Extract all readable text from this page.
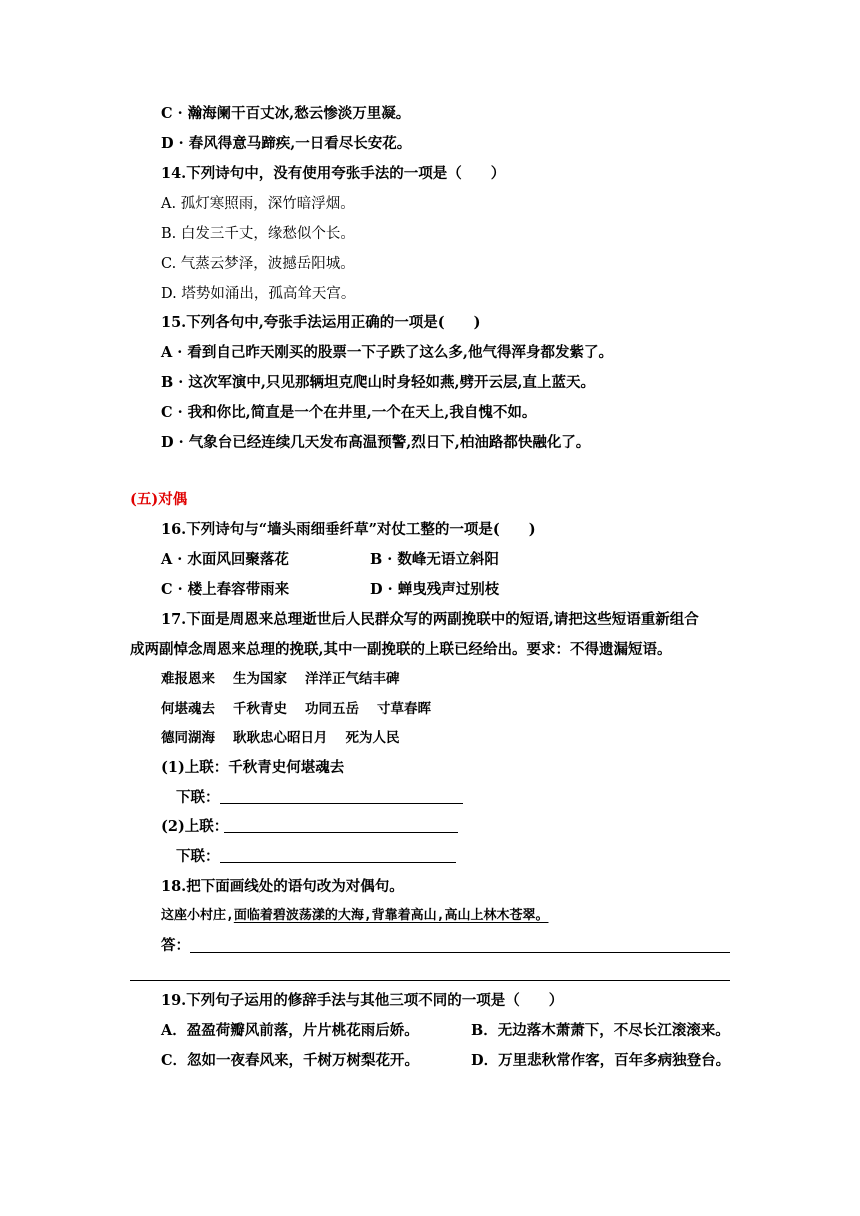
C · 瀚海阑干百丈冰,愁云惨淡万里凝。
D · 春风得意马蹄疾,一日看尽长安花。
14.下列诗句中，没有使用夸张手法的一项是（　　）
A. 孤灯寒照雨，深竹暗浮烟。
B. 白发三千丈，缘愁似个长。
C. 气蒸云梦泽，波撼岳阳城。
D. 塔势如涌出，孤高耸天宫。
15.下列各句中,夸张手法运用正确的一项是(　　)
A · 看到自己昨天刚买的股票一下子跌了这么多,他气得浑身都发紫了。
B · 这次军演中,只见那辆坦克爬山时身轻如燕,劈开云层,直上蓝天。
C · 我和你比,简直是一个在井里,一个在天上,我自愧不如。
D · 气象台已经连续几天发布高温预警,烈日下,柏油路都快融化了。
(五)对偶
16.下列诗句与“墙头雨细垂纤草”对仗工整的一项是(　　)
A · 水面风回聚落花	B · 数峰无语立斜阳
C · 楼上春容带雨来	D · 蝉曳残声过别枝
17.下面是周恩来总理逝世后人民群众写的两副挽联中的短语,请把这些短语重新组合
成两副悼念周恩来总理的挽联,其中一副挽联的上联已经给出。要求：不得遗漏短语。
难报恩来 生为国家 洋洋正气结丰碑
何堪魂去 千秋青史 功同五岳 寸草春晖
德同湖海 耿耿忠心昭日月 死为人民
(1)上联：千秋青史何堪魂去
下联：
(2)上联：
下联：
18.把下面画线处的语句改为对偶句。
这座小村庄,面临着碧波荡漾的大海,背靠着高山,高山上林木苍翠。
答：
19.下列句子运用的修辞手法与其他三项不同的一项是（　　）
A．盈盈荷瓣风前落，片片桃花雨后娇。	B．无边落木萧萧下，不尽长江滚滚来。
C．忽如一夜春风来，千树万树梨花开。	D．万里悲秋常作客，百年多病独登台。
